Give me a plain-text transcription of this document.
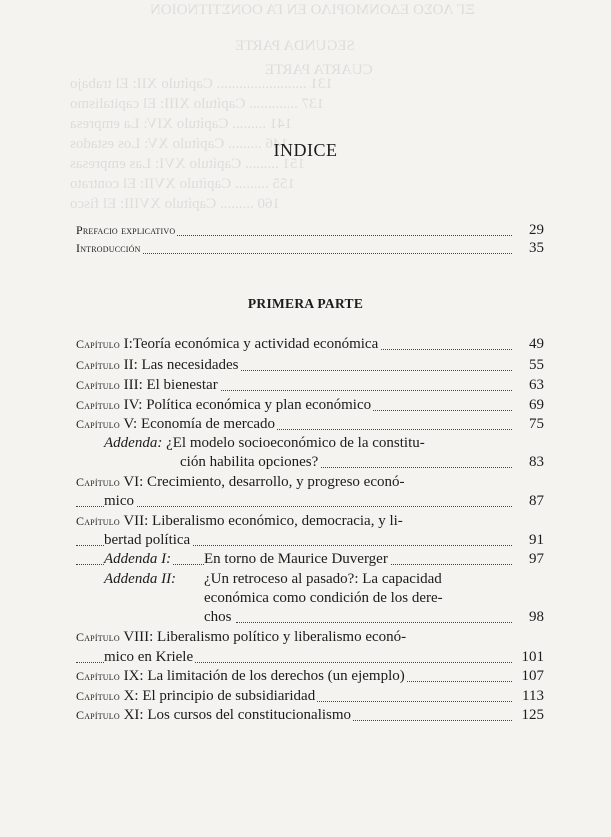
ΞΓ ΛΟΣΟ ΕΔΟΝΜΟΡΙΛΟ ΕΝ ΓΑ ΟΟΝΣΤΙΤΝΟΙΟΝ
SEGUNDA PARTE
CUARTA PARTE
131 ........................ Capítulo XII: El trabajo
137 ............. Capítulo XIII: El capitalismo
141 ......... Capítulo XIV: La empresa
146 ......... Capítulo XV: Los estados
151 ......... Capítulo XVI: Las empresas
155 ......... Capítulo XVII: El contrato
160 ......... Capítulo XVIII: El fisco
INDICE
Prefacio explicativo	29
Introducción	35
PRIMERA PARTE
Capítulo I:Teoría económica y actividad económica	49
Capítulo II: Las necesidades	55
Capítulo III: El bienestar	63
Capítulo IV: Política económica y plan económico	69
Capítulo V: Economía de mercado	75
Addenda: ¿El modelo socioeconómico de la constitu-
ción habilita opciones?	83
Capítulo VI: Crecimiento, desarrollo, y progreso econó-
mico	87
Capítulo VII: Liberalismo económico, democracia, y li-
bertad política	91
Addenda I: En torno de Maurice Duverger	97
Addenda II: ¿Un retroceso al pasado?: La capacidad
económica como condición de los dere-
chos	98
Capítulo VIII: Liberalismo político y liberalismo econó-
mico en Kriele	101
Capítulo IX: La limitación de los derechos (un ejemplo)	107
Capítulo X: El principio de subsidiaridad	113
Capítulo XI: Los cursos del constitucionalismo	125
